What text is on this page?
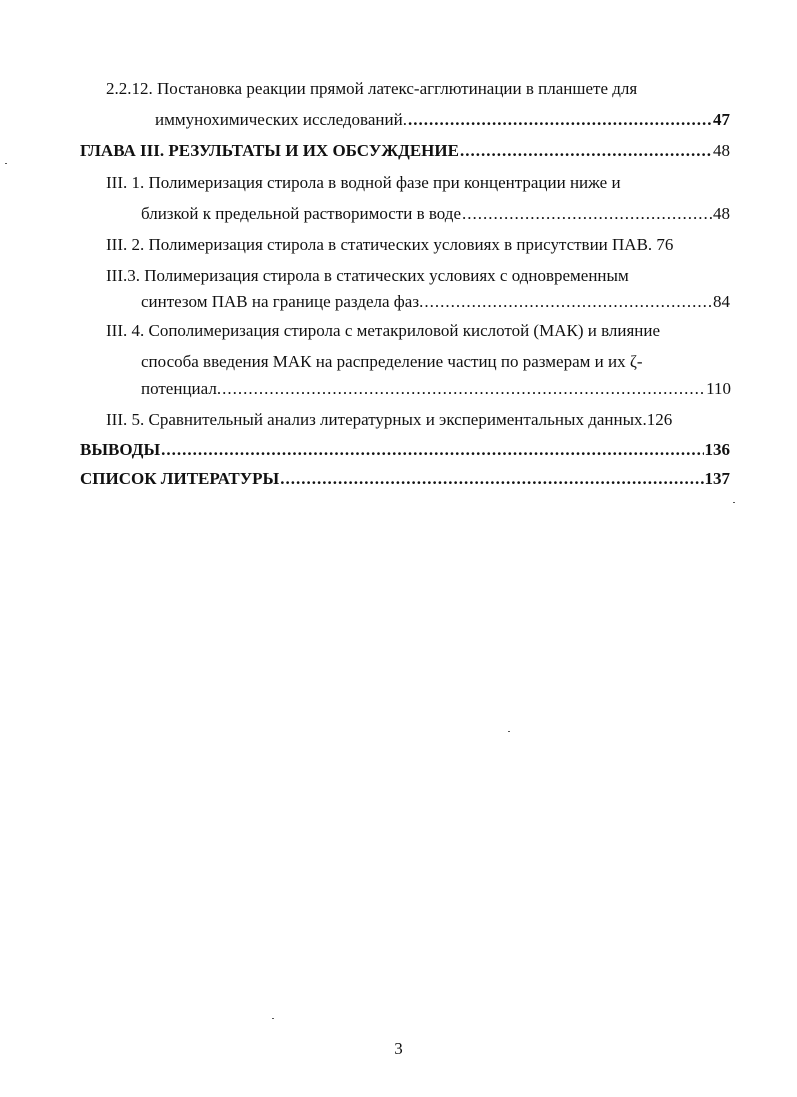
2.2.12. Постановка реакции прямой латекс-агглютинации в планшете для
иммунохимических исследований. .....	47
ГЛАВА III. РЕЗУЛЬТАТЫ И ИХ ОБСУЖДЕНИЕ .....	48
III. 1. Полимеризация стирола в водной фазе при концентрации ниже и
близкой к предельной растворимости в воде .....	48
III. 2. Полимеризация стирола в статических условиях в присутствии ПАВ. 76
III.3. Полимеризация стирола в статических условиях с одновременным
синтезом ПАВ на границе раздела фаз. .....	84
III. 4. Сополимеризация стирола с метакриловой кислотой (МАК) и влияние
способа введения МАК на распределение частиц по размерам и их ζ-
потенциал. .....	110
III. 5. Сравнительный анализ литературных и экспериментальных данных.126
ВЫВОДЫ .....	136
СПИСОК ЛИТЕРАТУРЫ .....	137
3
